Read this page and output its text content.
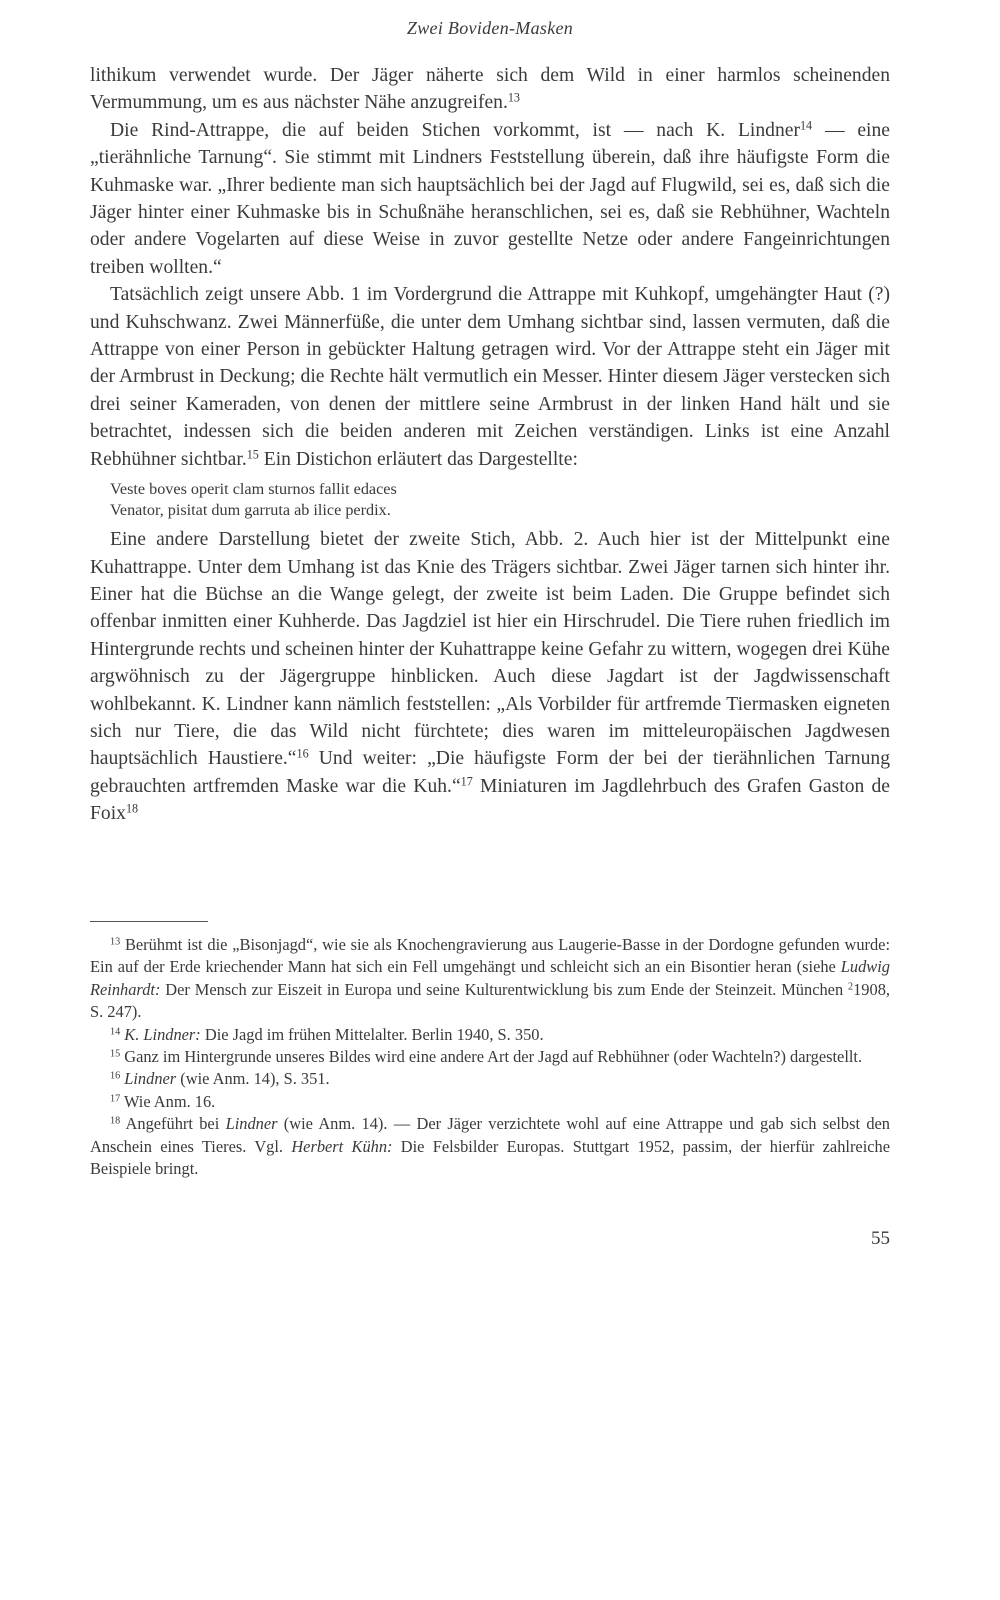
Zwei Boviden-Masken

lithikum verwendet wurde. Der Jäger näherte sich dem Wild in einer harmlos scheinenden Vermummung, um es aus nächster Nähe anzugreifen.$^{13}$

Die Rind-Attrappe, die auf beiden Stichen vorkommt, ist — nach K. Lindner$^{14}$ — eine „tierähnliche Tarnung“. Sie stimmt mit Lindners Feststellung überein, daß ihre häufigste Form die Kuhmaske war. „Ihrer bediente man sich hauptsächlich bei der Jagd auf Flugwild, sei es, daß sich die Jäger hinter einer Kuhmaske bis in Schußnähe heranschlichen, sei es, daß sie Rebhühner, Wachteln oder andere Vogelarten auf diese Weise in zuvor gestellte Netze oder andere Fangeinrichtungen treiben wollten.“

Tatsächlich zeigt unsere Abb. 1 im Vordergrund die Attrappe mit Kuhkopf, umgehängter Haut (?) und Kuhschwanz. Zwei Männerfüße, die unter dem Umhang sichtbar sind, lassen vermuten, daß die Attrappe von einer Person in gebückter Haltung getragen wird. Vor der Attrappe steht ein Jäger mit der Armbrust in Deckung; die Rechte hält vermutlich ein Messer. Hinter diesem Jäger verstecken sich drei seiner Kameraden, von denen der mittlere seine Armbrust in der linken Hand hält und sie betrachtet, indessen sich die beiden anderen mit Zeichen verständigen. Links ist eine Anzahl Rebhühner sichtbar.$^{15}$ Ein Distichon erläutert das Dargestellte:

Veste boves operit clam sturnos fallit edaces
Venator, pisitat dum garruta ab ilice perdix.

Eine andere Darstellung bietet der zweite Stich, Abb. 2. Auch hier ist der Mittelpunkt eine Kuhattrappe. Unter dem Umhang ist das Knie des Trägers sichtbar. Zwei Jäger tarnen sich hinter ihr. Einer hat die Büchse an die Wange gelegt, der zweite ist beim Laden. Die Gruppe befindet sich offenbar inmitten einer Kuhherde. Das Jagdziel ist hier ein Hirschrudel. Die Tiere ruhen friedlich im Hintergrunde rechts und scheinen hinter der Kuhattrappe keine Gefahr zu wittern, wogegen drei Kühe argwöhnisch zu der Jägergruppe hinblicken. Auch diese Jagdart ist der Jagdwissenschaft wohlbekannt. K. Lindner kann nämlich feststellen: „Als Vorbilder für artfremde Tiermasken eigneten sich nur Tiere, die das Wild nicht fürchtete; dies waren im mitteleuropäischen Jagdwesen hauptsächlich Haustiere.“$^{16}$ Und weiter: „Die häufigste Form der bei der tierähnlichen Tarnung gebrauchten artfremden Maske war die Kuh.“$^{17}$ Miniaturen im Jagdlehrbuch des Grafen Gaston de Foix$^{18}$

$^{13}$ Berühmt ist die „Bisonjagd“, wie sie als Knochengravierung aus Laugerie-Basse in der Dordogne gefunden wurde: Ein auf der Erde kriechender Mann hat sich ein Fell umgehängt und schleicht sich an ein Bisontier heran (siehe Ludwig Reinhardt: Der Mensch zur Eiszeit in Europa und seine Kulturentwicklung bis zum Ende der Steinzeit. München $^2$1908, S. 247).
$^{14}$ K. Lindner: Die Jagd im frühen Mittelalter. Berlin 1940, S. 350.
$^{15}$ Ganz im Hintergrunde unseres Bildes wird eine andere Art der Jagd auf Rebhühner (oder Wachteln?) dargestellt.
$^{16}$ Lindner (wie Anm. 14), S. 351.
$^{17}$ Wie Anm. 16.
$^{18}$ Angeführt bei Lindner (wie Anm. 14). — Der Jäger verzichtete wohl auf eine Attrappe und gab sich selbst den Anschein eines Tieres. Vgl. Herbert Kühn: Die Felsbilder Europas. Stuttgart 1952, passim, der hierfür zahlreiche Beispiele bringt.
55
